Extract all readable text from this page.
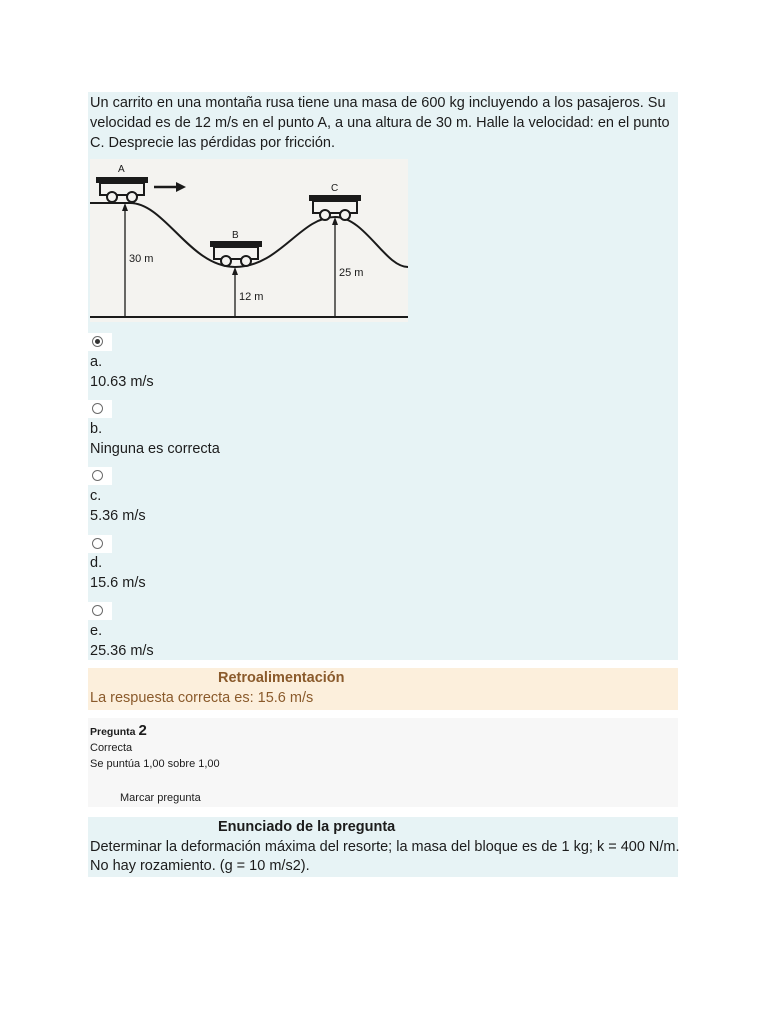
Un carrito en una montaña rusa tiene una masa de 600 kg incluyendo a los pasajeros. Su velocidad es de 12 m/s en el punto A, a una altura de 30 m. Halle la velocidad: en el punto C. Desprecie las pérdidas por fricción.
A
B
C
30 m
12 m
25 m
a.
10.63 m/s
b.
Ninguna es correcta
c.
5.36 m/s
d.
15.6 m/s
e.
25.36 m/s
Retroalimentación
La respuesta correcta es: 15.6 m/s
Pregunta 2
Correcta
Se puntúa 1,00 sobre 1,00
Marcar pregunta
Enunciado de la pregunta
Determinar la deformación máxima del resorte; la masa del bloque es de 1 kg; k = 400 N/m. No hay rozamiento. (g = 10 m/s2).
